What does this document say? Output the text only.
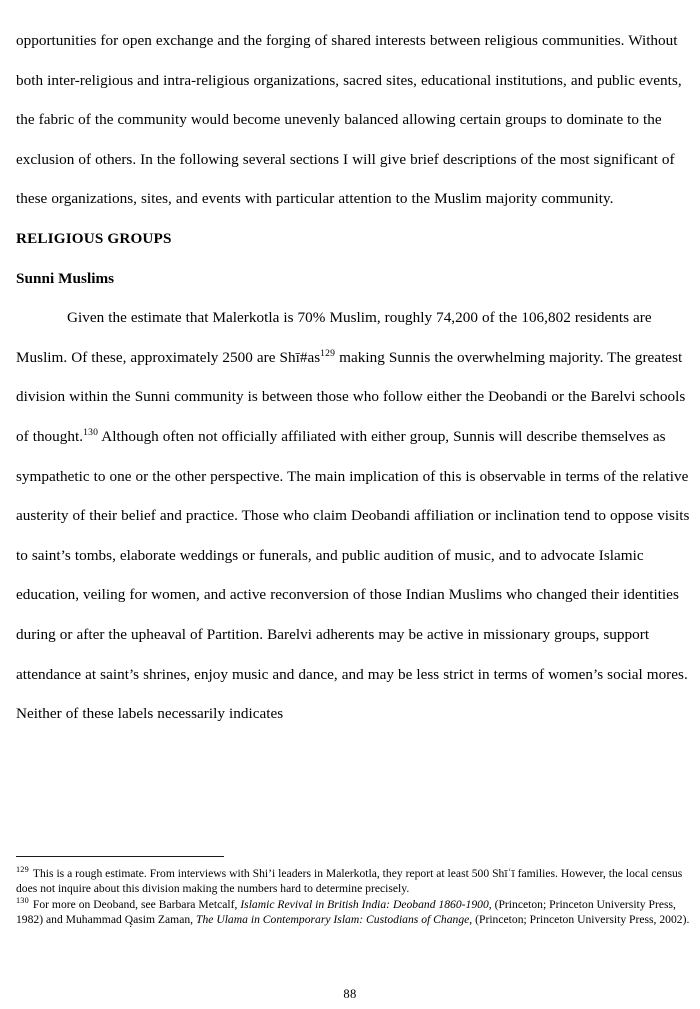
opportunities for open exchange and the forging of shared interests between religious communities. Without both inter-religious and intra-religious organizations, sacred sites, educational institutions, and public events, the fabric of the community would become unevenly balanced allowing certain groups to dominate to the exclusion of others. In the following several sections I will give brief descriptions of the most significant of these organizations, sites, and events with particular attention to the Muslim majority community.

RELIGIOUS GROUPS
Sunni Muslims

Given the estimate that Malerkotla is 70% Muslim, roughly 74,200 of the 106,802 residents are Muslim. Of these, approximately 2500 are Shī#as$^{129}$ making Sunnis the overwhelming majority. The greatest division within the Sunni community is between those who follow either the Deobandi or the Barelvi schools of thought.$^{130}$ Although often not officially affiliated with either group, Sunnis will describe themselves as sympathetic to one or the other perspective. The main implication of this is observable in terms of the relative austerity of their belief and practice. Those who claim Deobandi affiliation or inclination tend to oppose visits to saint’s tombs, elaborate weddings or funerals, and public audition of music, and to advocate Islamic education, veiling for women, and active reconversion of those Indian Muslims who changed their identities during or after the upheaval of Partition. Barelvi adherents may be active in missionary groups, support attendance at saint’s shrines, enjoy music and dance, and may be less strict in terms of women’s social mores. Neither of these labels necessarily indicates

$^{129}$ This is a rough estimate. From interviews with Shi’i leaders in Malerkotla, they report at least 500 Shīʿī families. However, the local census does not inquire about this division making the numbers hard to determine precisely.

$^{130}$ For more on Deoband, see Barbara Metcalf, Islamic Revival in British India: Deoband 1860-1900, (Princeton; Princeton University Press, 1982) and Muhammad Q̣asim Zaman, The Ulama in Contemporary Islam: Custodians of Change, (Princeton; Princeton University Press, 2002).

88
